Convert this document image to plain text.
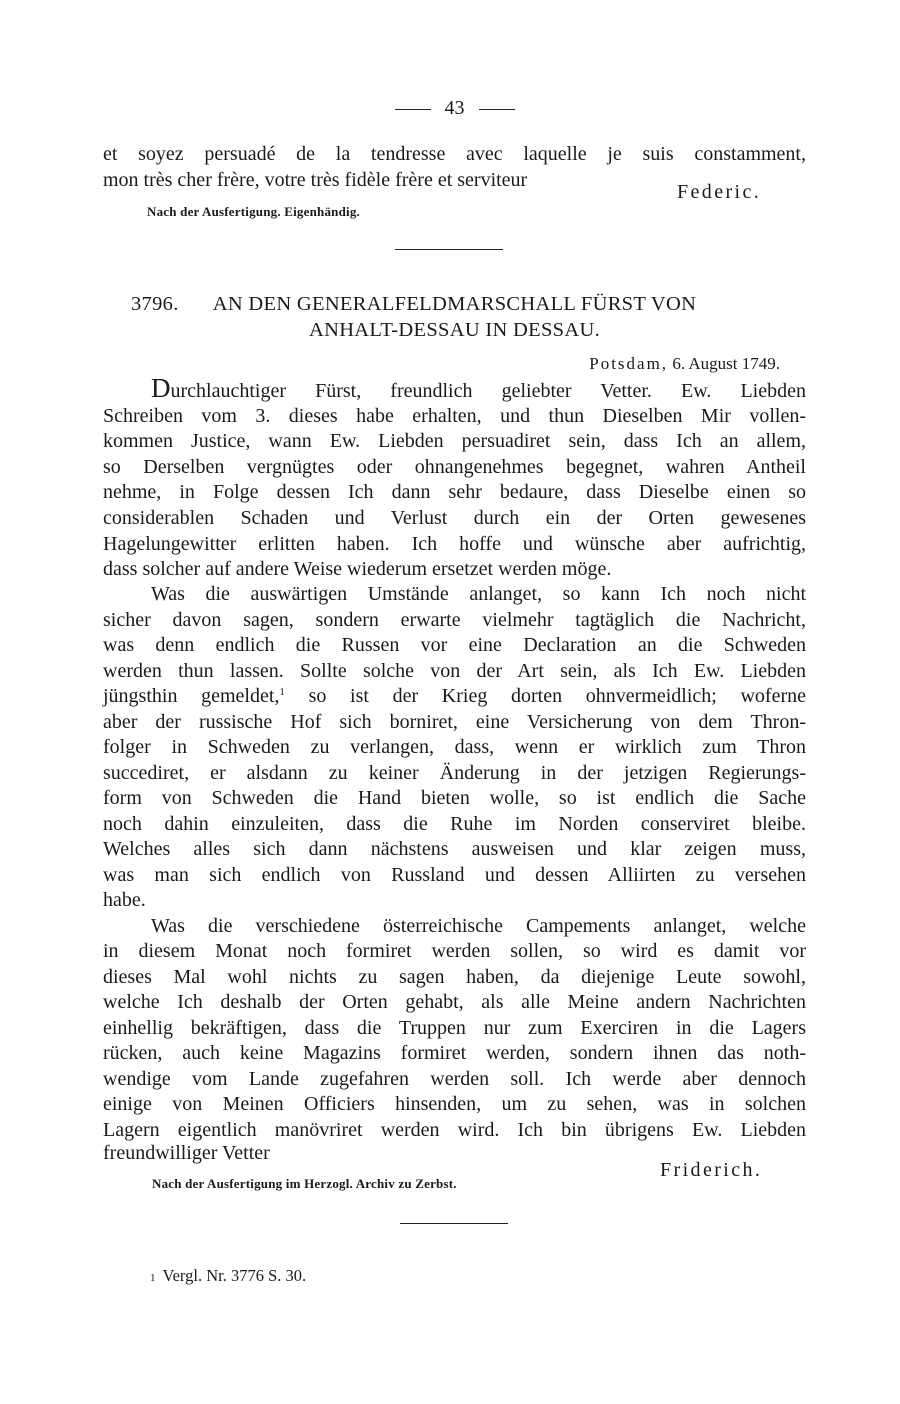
43
et soyez persuadé de la tendresse avec laquelle je suis constamment,
mon très cher frère, votre très fidèle frère et serviteur
Federic.
Nach der Ausfertigung. Eigenhändig.
3796. AN DEN GENERALFELDMARSCHALL FÜRST VON
ANHALT-DESSAU IN DESSAU.
Potsdam, 6. August 1749.
Durchlauchtiger Fürst, freundlich geliebter Vetter. Ew. Liebden
Schreiben vom 3. dieses habe erhalten, und thun Dieselben Mir vollen-
kommen Justice, wann Ew. Liebden persuadiret sein, dass Ich an allem,
so Derselben vergnügtes oder ohnangenehmes begegnet, wahren Antheil
nehme, in Folge dessen Ich dann sehr bedaure, dass Dieselbe einen so
considerablen Schaden und Verlust durch ein der Orten gewesenes
Hagelungewitter erlitten haben. Ich hoffe und wünsche aber aufrichtig,
dass solcher auf andere Weise wiederum ersetzet werden möge.
Was die auswärtigen Umstände anlanget, so kann Ich noch nicht
sicher davon sagen, sondern erwarte vielmehr tagtäglich die Nachricht,
was denn endlich die Russen vor eine Declaration an die Schweden
werden thun lassen. Sollte solche von der Art sein, als Ich Ew. Liebden
jüngsthin gemeldet,$^1$ so ist der Krieg dorten ohnvermeidlich; woferne
aber der russische Hof sich borniret, eine Versicherung von dem Thron-
folger in Schweden zu verlangen, dass, wenn er wirklich zum Thron
succediret, er alsdann zu keiner Änderung in der jetzigen Regierungs-
form von Schweden die Hand bieten wolle, so ist endlich die Sache
noch dahin einzuleiten, dass die Ruhe im Norden conserviret bleibe.
Welches alles sich dann nächstens ausweisen und klar zeigen muss,
was man sich endlich von Russland und dessen Alliirten zu versehen
habe.
Was die verschiedene österreichische Campements anlanget, welche
in diesem Monat noch formiret werden sollen, so wird es damit vor
dieses Mal wohl nichts zu sagen haben, da diejenige Leute sowohl,
welche Ich deshalb der Orten gehabt, als alle Meine andern Nachrichten
einhellig bekräftigen, dass die Truppen nur zum Exerciren in die Lagers
rücken, auch keine Magazins formiret werden, sondern ihnen das noth-
wendige vom Lande zugefahren werden soll. Ich werde aber dennoch
einige von Meinen Officiers hinsenden, um zu sehen, was in solchen
Lagern eigentlich manövriret werden wird. Ich bin übrigens Ew. Liebden
freundwilliger Vetter
Friderich.
Nach der Ausfertigung im Herzogl. Archiv zu Zerbst.
1 Vergl. Nr. 3776 S. 30.
